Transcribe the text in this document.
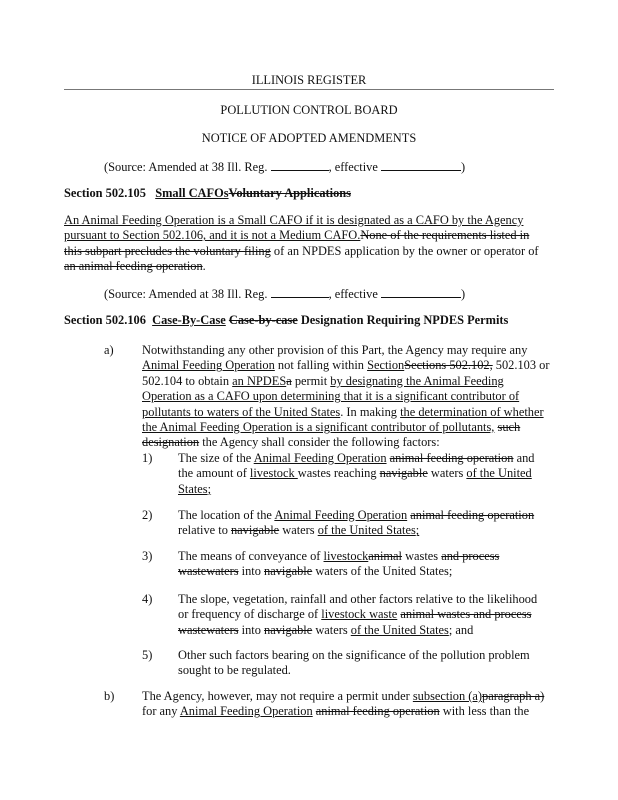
ILLINOIS REGISTER
POLLUTION CONTROL BOARD
NOTICE OF ADOPTED AMENDMENTS
(Source: Amended at 38 Ill. Reg.	, effective	)
Section 502.105 Small CAFOsVoluntary Applications
An Animal Feeding Operation is a Small CAFO if it is designated as a CAFO by the Agency
pursuant to Section 502.106, and it is not a Medium CAFO.None of the requirements listed in
this subpart precludes the voluntary filing of an NPDES application by the owner or operator of
an animal feeding operation.
(Source: Amended at 38 Ill. Reg.	, effective	)
Section 502.106 Case-By-Case Case-by-case Designation Requiring NPDES Permits
a) Notwithstanding any other provision of this Part, the Agency may require any
Animal Feeding Operation not falling within SectionSections 502.102, 502.103 or
502.104 to obtain an NPDESa permit by designating the Animal Feeding
Operation as a CAFO upon determining that it is a significant contributor of
pollutants to waters of the United States. In making the determination of whether
the Animal Feeding Operation is a significant contributor of pollutants, such
designation the Agency shall consider the following factors:
1) The size of the Animal Feeding Operation animal feeding operation and
the amount of livestock wastes reaching navigable waters of the United
States;
2) The location of the Animal Feeding Operation animal feeding operation
relative to navigable waters of the United States;
3) The means of conveyance of livestockanimal wastes and process
wastewaters into navigable waters of the United States;
4) The slope, vegetation, rainfall and other factors relative to the likelihood
or frequency of discharge of livestock waste animal wastes and process
wastewaters into navigable waters of the United States; and
5) Other such factors bearing on the significance of the pollution problem
sought to be regulated.
b) The Agency, however, may not require a permit under subsection (a)paragraph a)
for any Animal Feeding Operation animal feeding operation with less than the
